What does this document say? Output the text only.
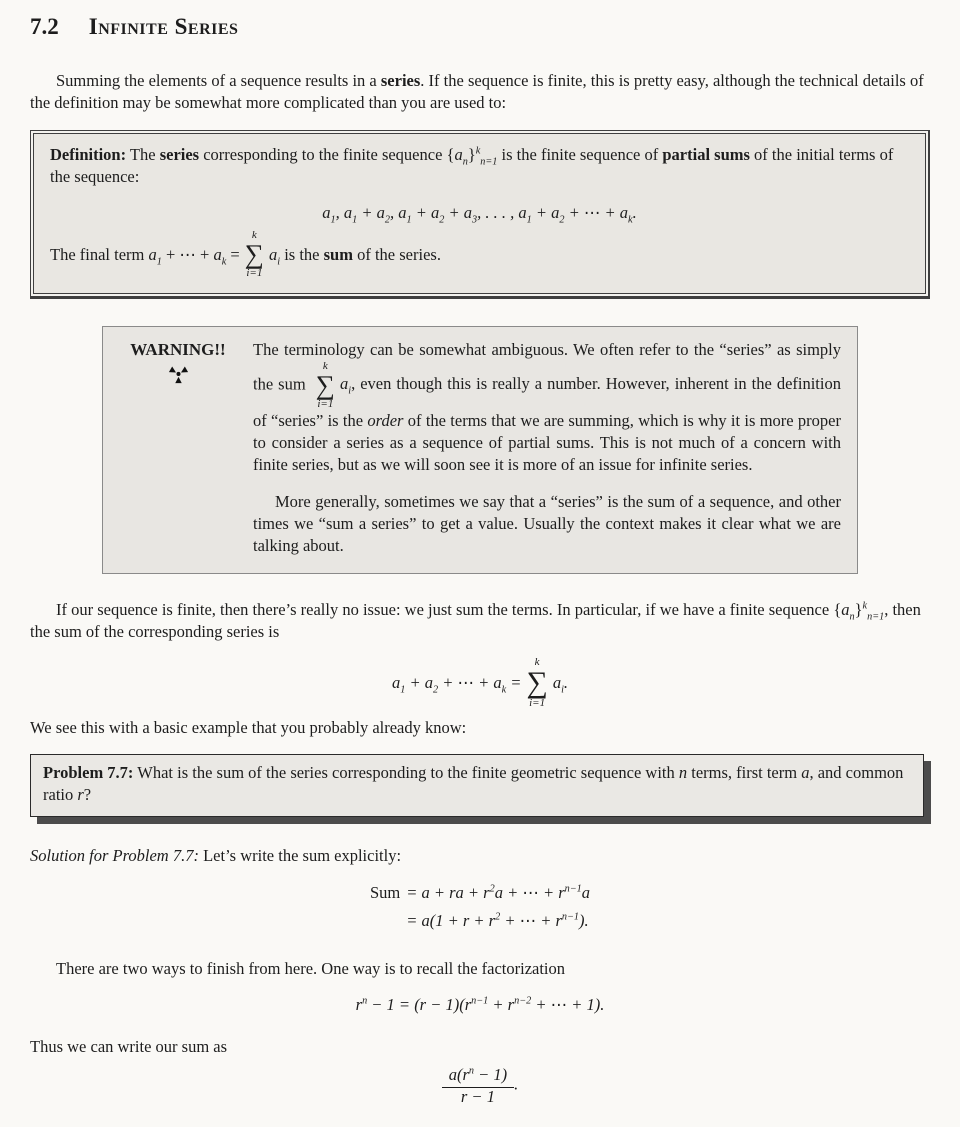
7.2 Infinite Series

Summing the elements of a sequence results in a series. If the sequence is finite, this is pretty easy, although the technical details of the definition may be somewhat more complicated than you are used to:

Definition: The series corresponding to the finite sequence $\{a_n\}^k_{n=1}$ is the finite sequence of partial sums of the initial terms of the sequence:

$a_1$, $a_1 + a_2$, $a_1 + a_2 + a_3$, . . . , $a_1 + a_2$ + ⋯ + $a_k$.

The final term $a_1$ + ⋯ + $a_k$ =
k
∑
i=1
$a_i$ is the sum of the series.
WARNING!!	The terminology can be somewhat ambiguous. We often refer to the “series” as simply the sum
k
∑
i=1
$a_i$, even though this is really a number. However, inherent in the definition of “series” is the order of the terms that we are summing, which is why it is more proper to consider a series as a sequence of partial sums. This is not much of a concern with finite series, but as we will soon see it is more of an issue for infinite series.

More generally, sometimes we say that a “series” is the sum of a sequence, and other times we “sum a series” to get a value. Usually the context makes it clear what we are talking about.

If our sequence is finite, then there’s really no issue: we just sum the terms. In particular, if we have a finite sequence $\{a_n\}^k_{n=1}$, then the sum of the corresponding series is

$a_1 + a_2$ + ⋯ + $a_k$ =
k
∑
i=1
$a_i$.

We see this with a basic example that you probably already know:

Problem 7.7: What is the sum of the series corresponding to the finite geometric sequence with n terms, first term a, and common ratio r?

Solution for Problem 7.7: Let’s write the sum explicitly:

Sum = a + ra + $r^2a$ + ⋯ + $r^{n-1}a$
= $a(1 + r + r^2$ + ⋯ + $r^{n-1}$).

There are two ways to finish from here. One way is to recall the factorization

$r^n - 1 = (r - 1)(r^{n-1} + r^{n-2}$ + ⋯ + 1).

Thus we can write our sum as

$\frac{a(r^n - 1)}{r - 1}$.
